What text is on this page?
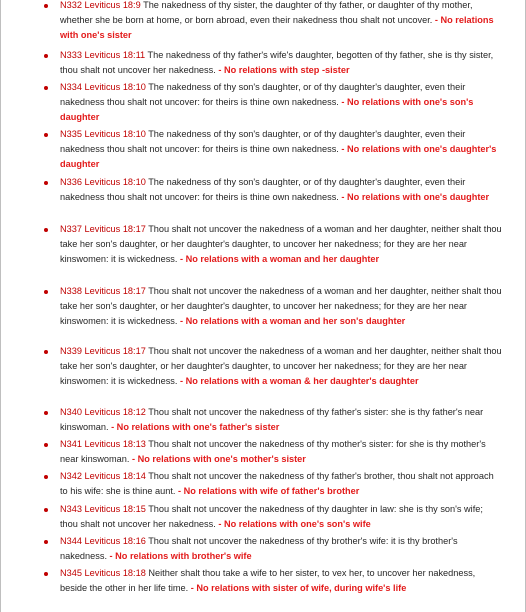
N332 Leviticus 18:9 The nakedness of thy sister, the daughter of thy father, or daughter of thy mother, whether she be born at home, or born abroad, even their nakedness thou shalt not uncover. - No relations with one's sister
N333 Leviticus 18:11 The nakedness of thy father's wife's daughter, begotten of thy father, she is thy sister, thou shalt not uncover her nakedness. - No relations with step -sister
N334 Leviticus 18:10 The nakedness of thy son's daughter, or of thy daughter's daughter, even their nakedness thou shalt not uncover: for theirs is thine own nakedness. - No relations with one's son's daughter
N335 Leviticus 18:10 The nakedness of thy son's daughter, or of thy daughter's daughter, even their nakedness thou shalt not uncover: for theirs is thine own nakedness. - No relations with one's daughter's daughter
N336 Leviticus 18:10 The nakedness of thy son's daughter, or of thy daughter's daughter, even their nakedness thou shalt not uncover: for theirs is thine own nakedness. - No relations with one's daughter
N337 Leviticus 18:17 Thou shalt not uncover the nakedness of a woman and her daughter, neither shalt thou take her son's daughter, or her daughter's daughter, to uncover her nakedness; for they are her near kinswomen: it is wickedness. - No relations with a woman and her daughter
N338 Leviticus 18:17 Thou shalt not uncover the nakedness of a woman and her daughter, neither shalt thou take her son's daughter, or her daughter's daughter, to uncover her nakedness; for they are her near kinswomen: it is wickedness. - No relations with a woman and her son's daughter
N339 Leviticus 18:17 Thou shalt not uncover the nakedness of a woman and her daughter, neither shalt thou take her son's daughter, or her daughter's daughter, to uncover her nakedness; for they are her near kinswomen: it is wickedness. - No relations with a woman & her daughter's daughter
N340 Leviticus 18:12 Thou shalt not uncover the nakedness of thy father's sister: she is thy father's near kinswoman. - No relations with one's father's sister
N341 Leviticus 18:13 Thou shalt not uncover the nakedness of thy mother's sister: for she is thy mother's near kinswoman. - No relations with one's mother's sister
N342 Leviticus 18:14 Thou shalt not uncover the nakedness of thy father's brother, thou shalt not approach to his wife: she is thine aunt. - No relations with wife of father's brother
N343 Leviticus 18:15 Thou shalt not uncover the nakedness of thy daughter in law: she is thy son's wife; thou shalt not uncover her nakedness. - No relations with one's son's wife
N344 Leviticus 18:16 Thou shalt not uncover the nakedness of thy brother's wife: it is thy brother's nakedness. - No relations with brother's wife
N345 Leviticus 18:18 Neither shalt thou take a wife to her sister, to vex her, to uncover her nakedness, beside the other in her life time. - No relations with sister of wife, during wife's life
